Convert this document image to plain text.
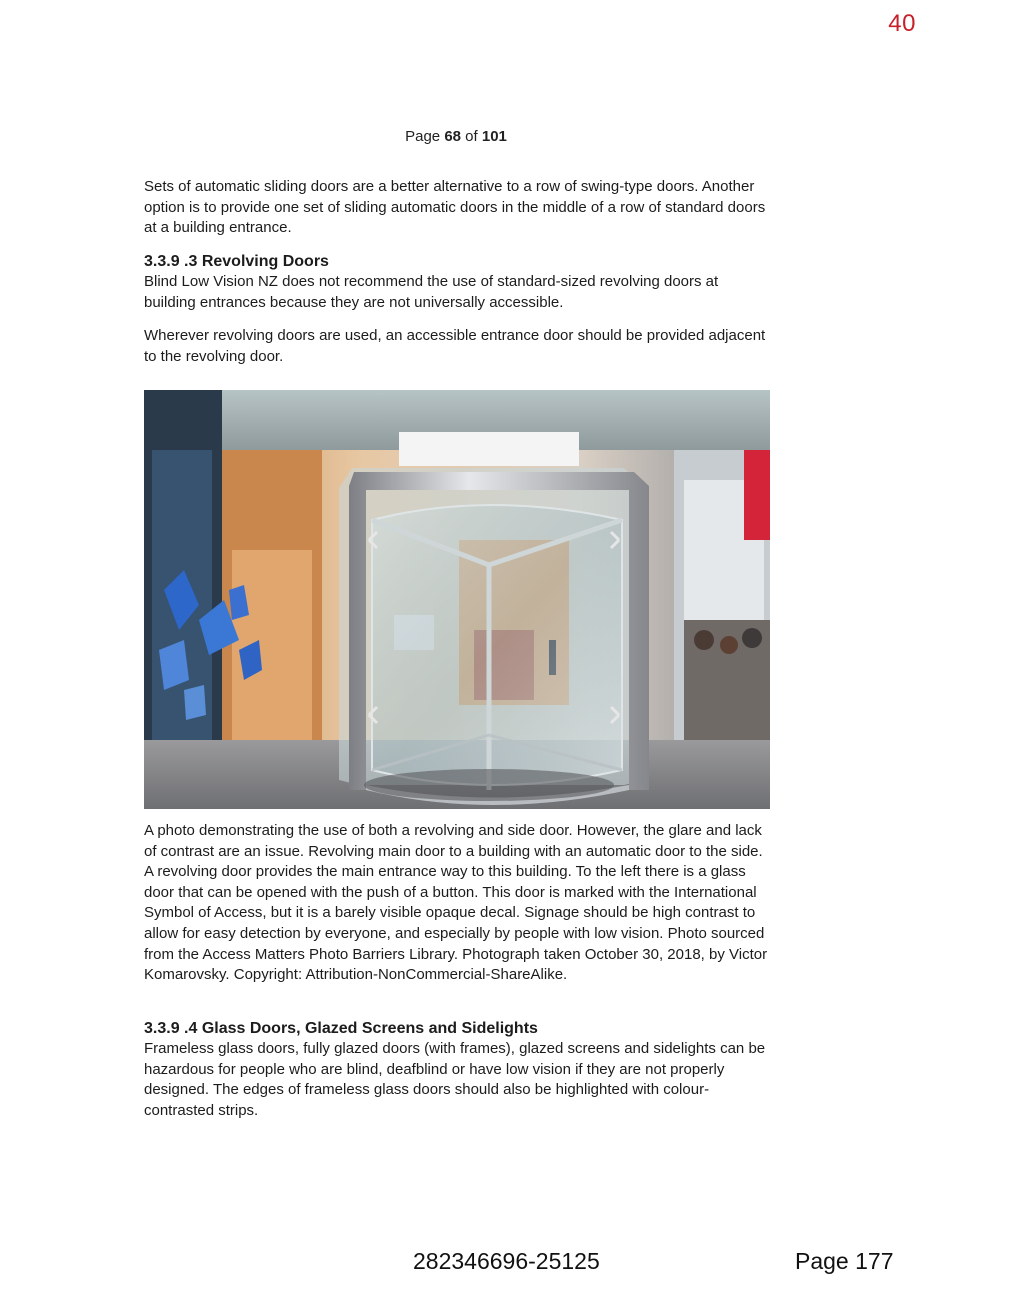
40
Page 68 of 101

Sets of automatic sliding doors are a better alternative to a row of swing-type doors. Another option is to provide one set of sliding automatic doors in the middle of a row of standard doors at a building entrance.

3.3.9 .3 Revolving Doors

Blind Low Vision NZ does not recommend the use of standard-sized revolving doors at building entrances because they are not universally accessible.

Wherever revolving doors are used, an accessible entrance door should be provided adjacent to the revolving door.

A photo demonstrating the use of both a revolving and side door. However, the glare and lack of contrast are an issue. Revolving main door to a building with an automatic door to the side. A revolving door provides the main entrance way to this building. To the left there is a glass door that can be opened with the push of a button. This door is marked with the International Symbol of Access, but it is a barely visible opaque decal. Signage should be high contrast to allow for easy detection by everyone, and especially by people with low vision. Photo sourced from the Access Matters Photo Barriers Library. Photograph taken October 30, 2018, by Victor Komarovsky. Copyright: Attribution-NonCommercial-ShareAlike.

3.3.9 .4 Glass Doors, Glazed Screens and Sidelights

Frameless glass doors, fully glazed doors (with frames), glazed screens and sidelights can be hazardous for people who are blind, deafblind or have low vision if they are not properly designed. The edges of frameless glass doors should also be highlighted with colour-contrasted strips.

282346696-25125	Page 177
